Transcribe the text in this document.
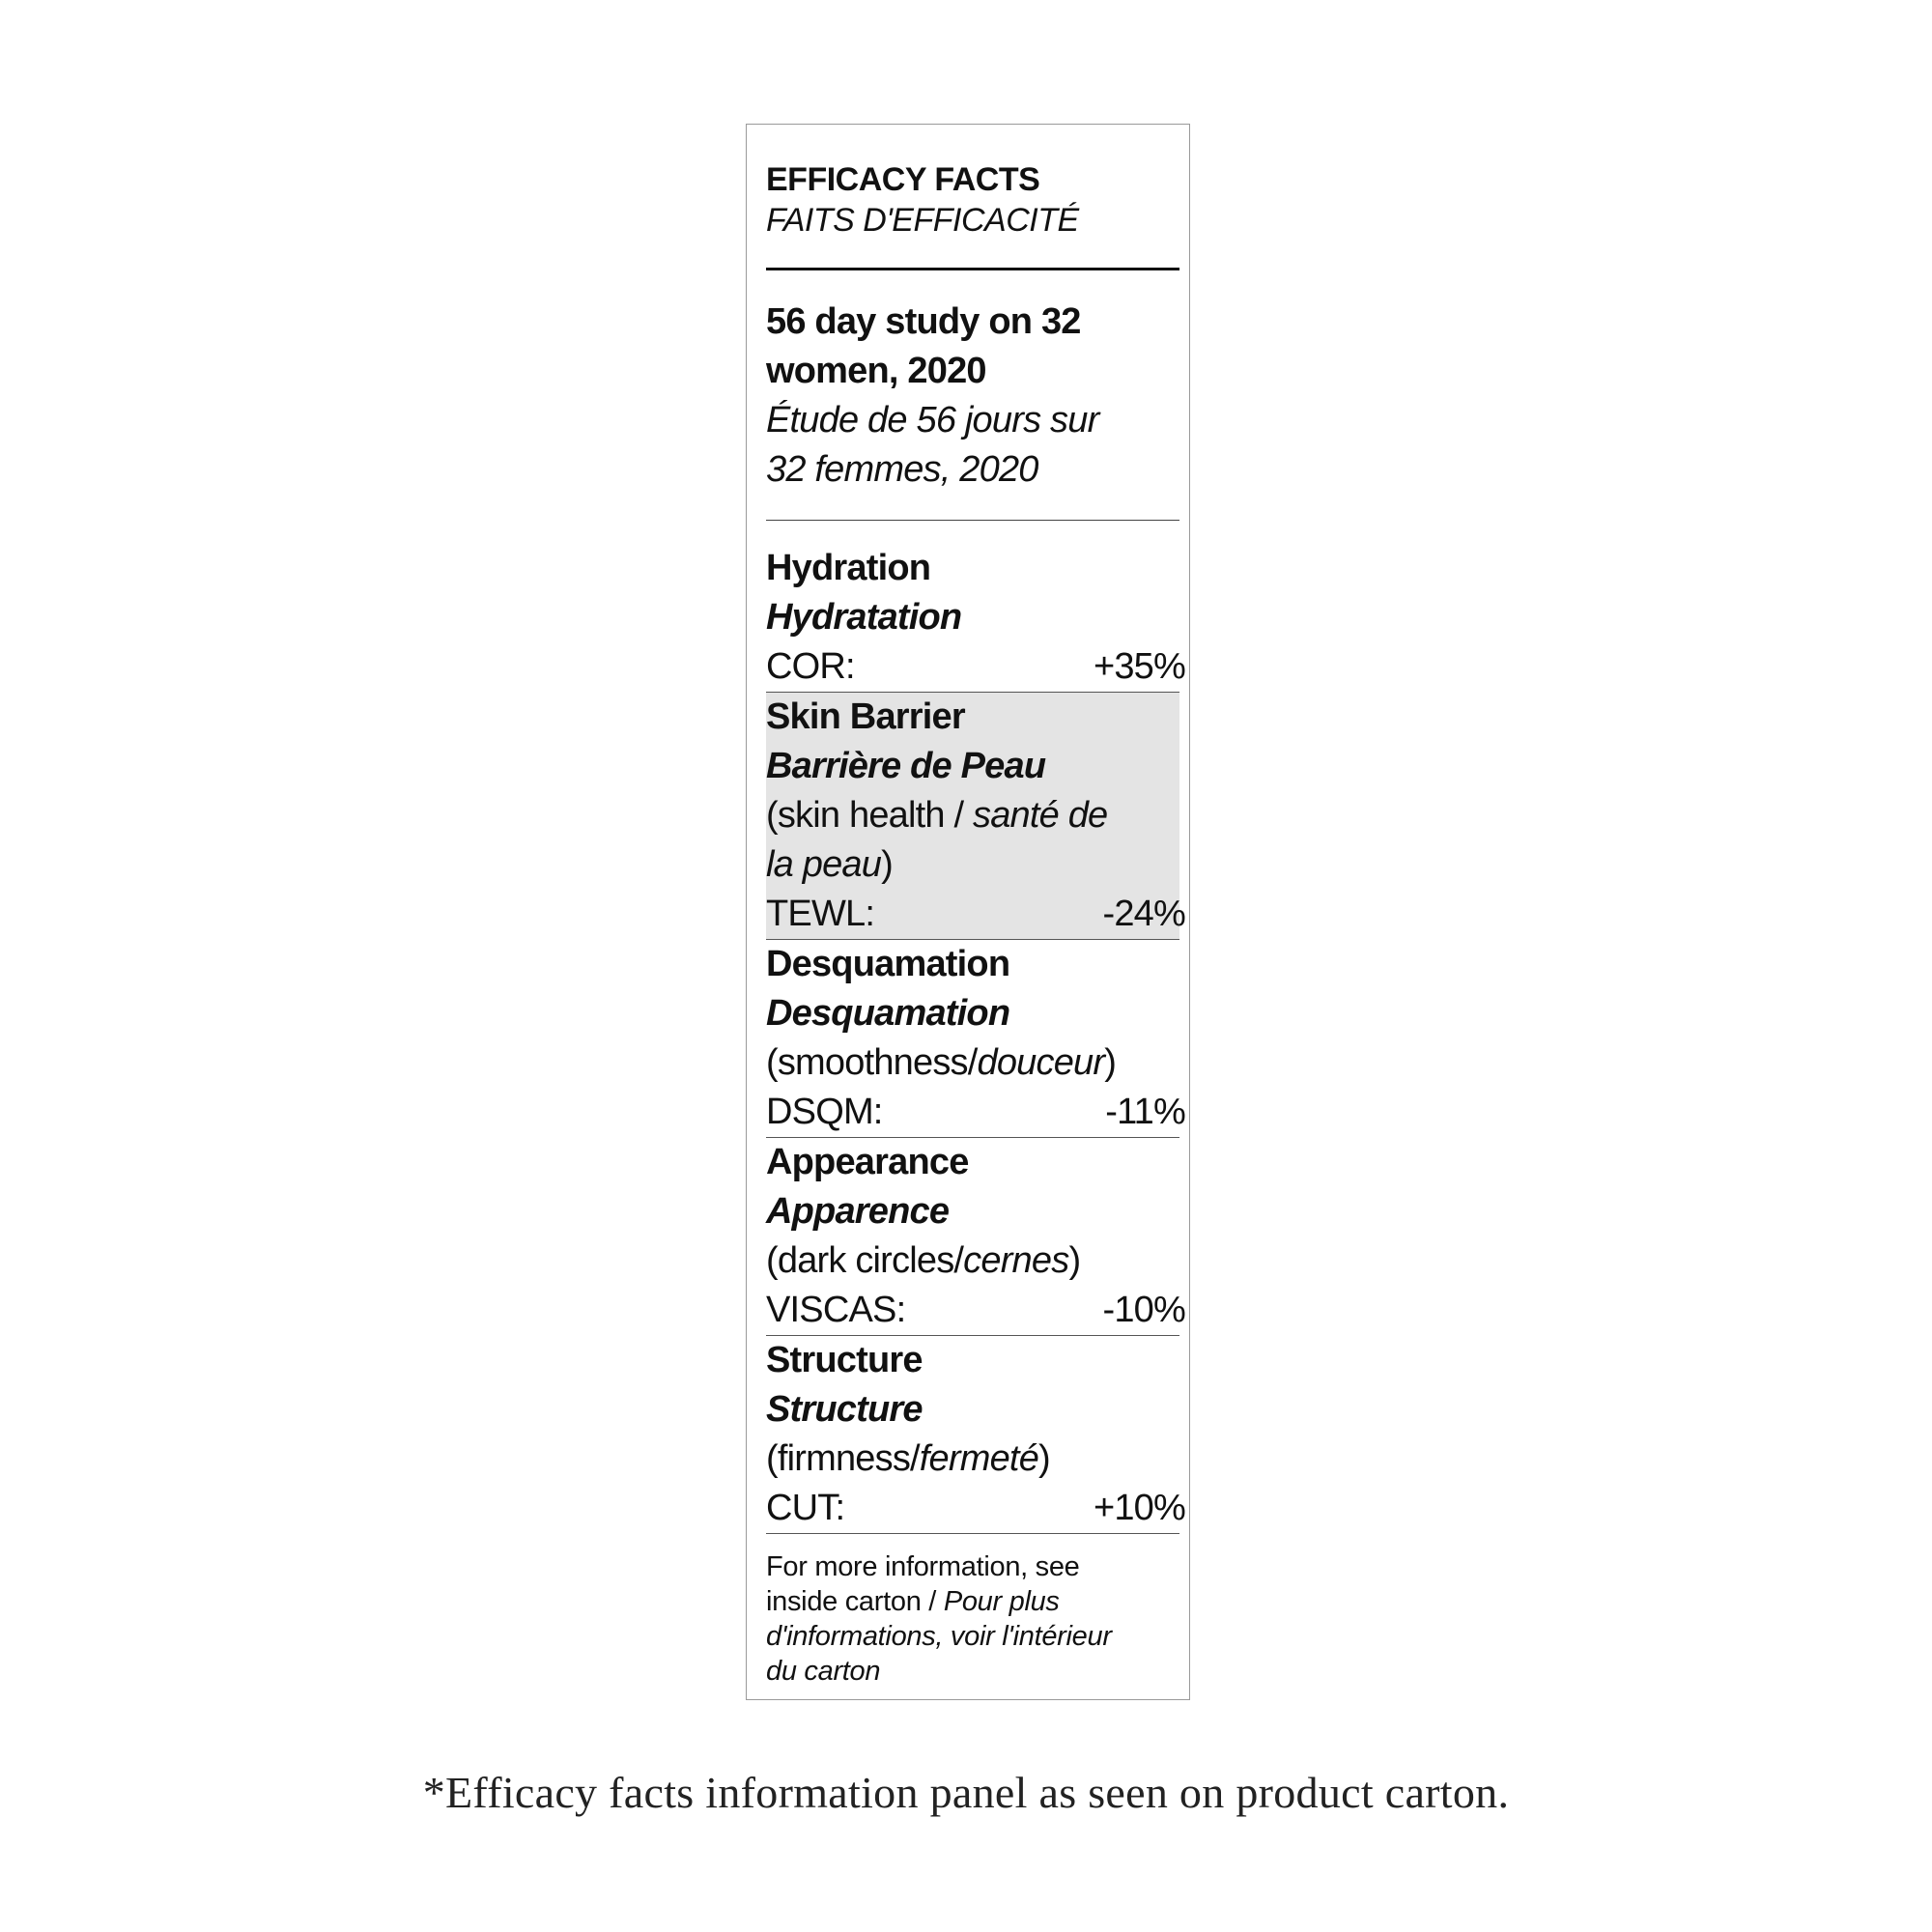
EFFICACY FACTS
FAITS D'EFFICACITÉ
56 day study on 32
women, 2020
Étude de 56 jours sur
32 femmes, 2020
Hydration
Hydratation
COR:	+35%
Skin Barrier
Barrière de Peau
(skin health / santé de
la peau)
TEWL:	-24%
Desquamation
Desquamation
(smoothness/douceur)
DSQM:	-11%
Appearance
Apparence
(dark circles/cernes)
VISCAS:	-10%
Structure
Structure
(firmness/fermeté)
CUT:	+10%
For more information, see
inside carton / Pour plus
d'informations, voir l'intérieur
du carton
*Efficacy facts information panel as seen on product carton.
